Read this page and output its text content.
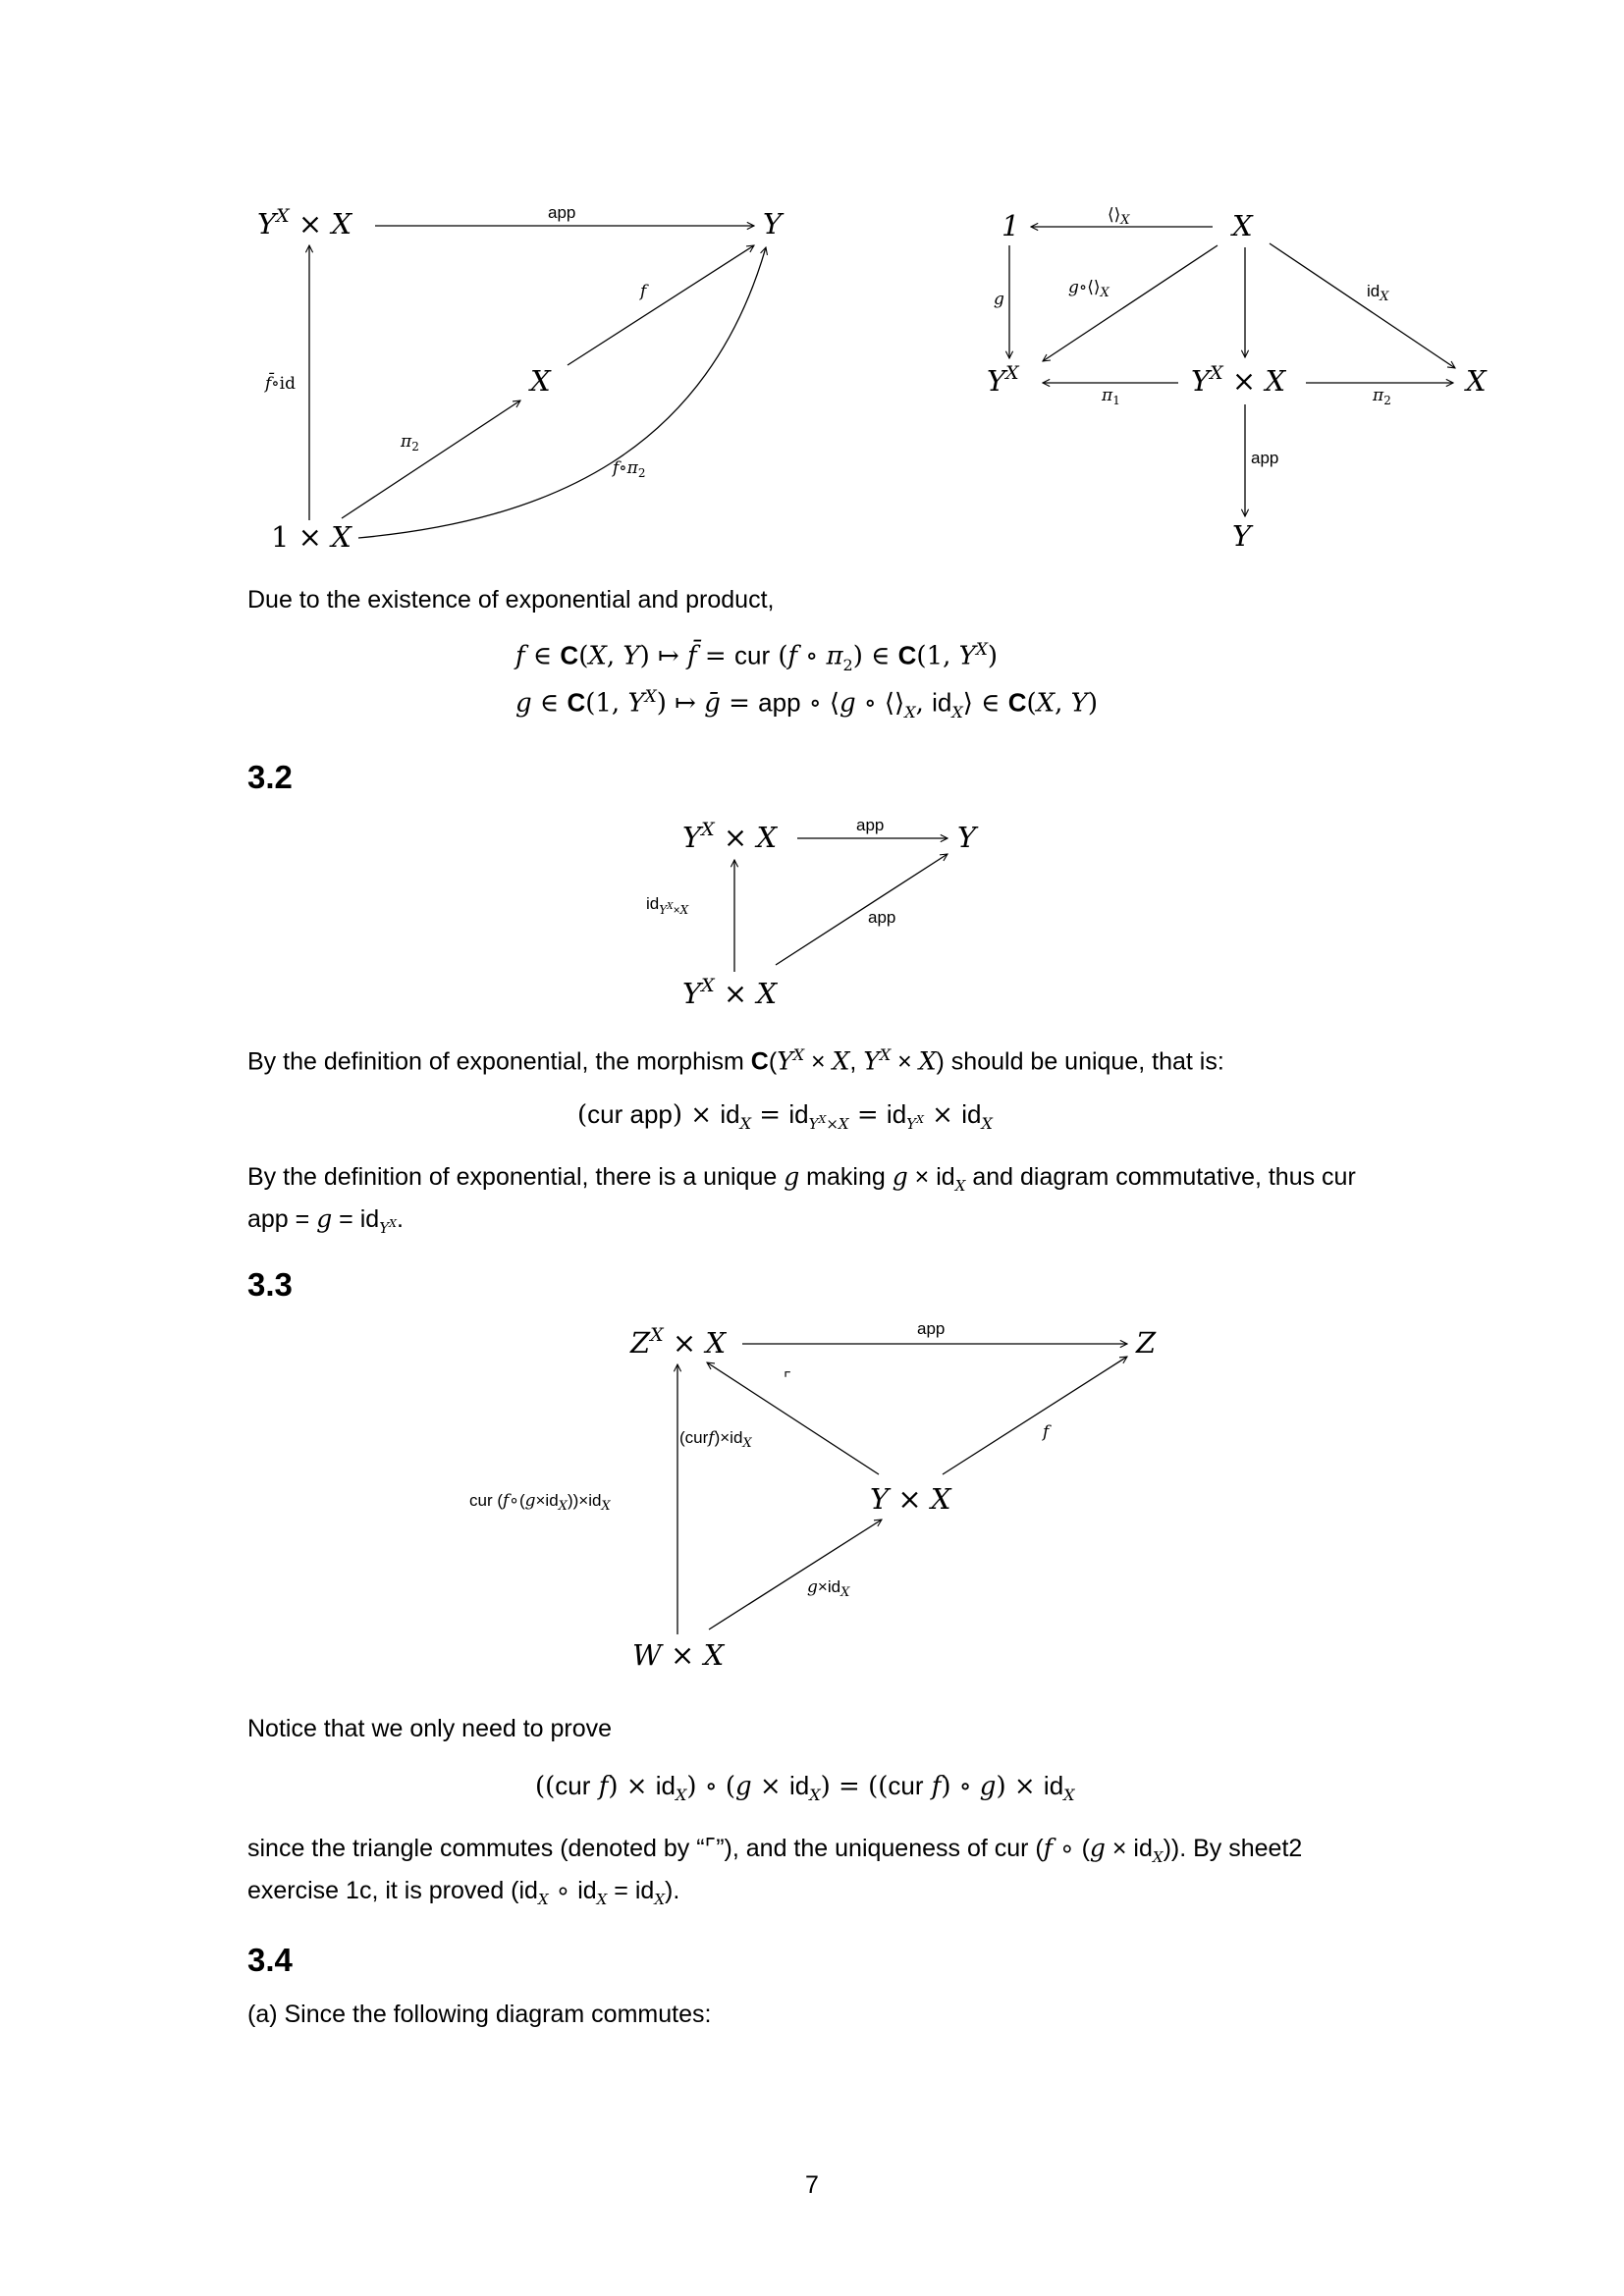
$Y^X \times X$	Y
X
1 × X
app
f
f̄∘id
$\pi_2$
$f\circ\pi_2$
1	X
$Y^X$	$Y^X \times X$	X
Y
$⟨⟩_X$
g
$g\circ⟨⟩_X$	$id_X$
$\pi_1$	$\pi_2$
app
Due to the existence of exponential and product,
f ∈ C(X, Y) ↦ f̄ = cur (f ∘ $\pi_2$) ∈ C(1, $Y^X$)
g ∈ C(1, $Y^X$) ↦ ḡ = app ∘ ⟨g ∘ $⟨⟩_X$, $id_X⟩$ ∈ C(X, Y)
3.2
$Y^X \times X$	Y
$Y^X \times X$
app
$id_Y^X_\times X$	app
By the definition of exponential, the morphism $C(Y^X \times X$, $Y^X \times X$) should be unique, that is:
(cur $app) \times id_X = id_{Y^X\times X} = id_{Y^X} \times id_X$
By the definition of exponential, there is a unique g making $g \times id_X$ and diagram commutative, thus cur app = $g = id_{Y^X}$.
3.3
$Z^X \times X$	Z
Y × X
W × X
app
⌜
$(curf)\times id_X$
f
cur $(f\circ(g\times id_X))\times id_X$
$g\times id_X$
Notice that we only need to prove
((cur $f) \times id_X$) ∘ $(g \times id_X) = ((cur$ f) ∘ $g) \times id_X$
since the triangle commutes (denoted by “⌜”), and the uniqueness of cur (f ∘ $(g \times id_X)$). By sheet2 exercise 1c, it is proved ($id_X$ ∘ $id_X = id_X$).
3.4
(a) Since the following diagram commutes:
7
